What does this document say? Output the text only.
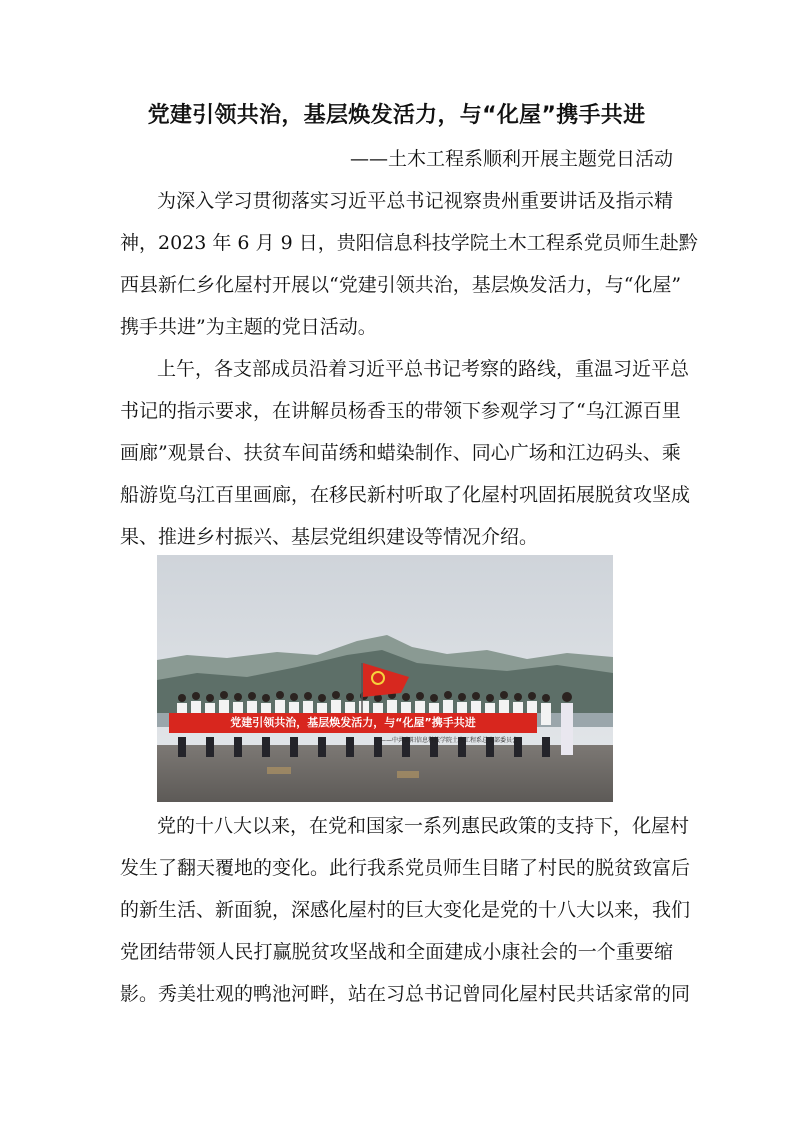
党建引领共治，基层焕发活力，与“化屋”携手共进

——土木工程系顺利开展主题党日活动

为深入学习贯彻落实习近平总书记视察贵州重要讲话及指示精

神，2023 年 6 月 9 日，贵阳信息科技学院土木工程系党员师生赴黔

西县新仁乡化屋村开展以“党建引领共治，基层焕发活力，与“化屋”

携手共进”为主题的党日活动。

上午，各支部成员沿着习近平总书记考察的路线，重温习近平总

书记的指示要求，在讲解员杨香玉的带领下参观学习了“乌江源百里

画廊”观景台、扶贫车间苗绣和蜡染制作、同心广场和江边码头、乘

船游览乌江百里画廊，在移民新村听取了化屋村巩固拓展脱贫攻坚成

果、推进乡村振兴、基层党组织建设等情况介绍。

党建引领共治，基层焕发活力，与“化屋”携手共进
——中共贵阳信息科技学院土木工程系总支部委员会

党的十八大以来，在党和国家一系列惠民政策的支持下，化屋村

发生了翻天覆地的变化。此行我系党员师生目睹了村民的脱贫致富后

的新生活、新面貌，深感化屋村的巨大变化是党的十八大以来，我们

党团结带领人民打赢脱贫攻坚战和全面建成小康社会的一个重要缩

影。秀美壮观的鸭池河畔，站在习总书记曾同化屋村民共话家常的同
